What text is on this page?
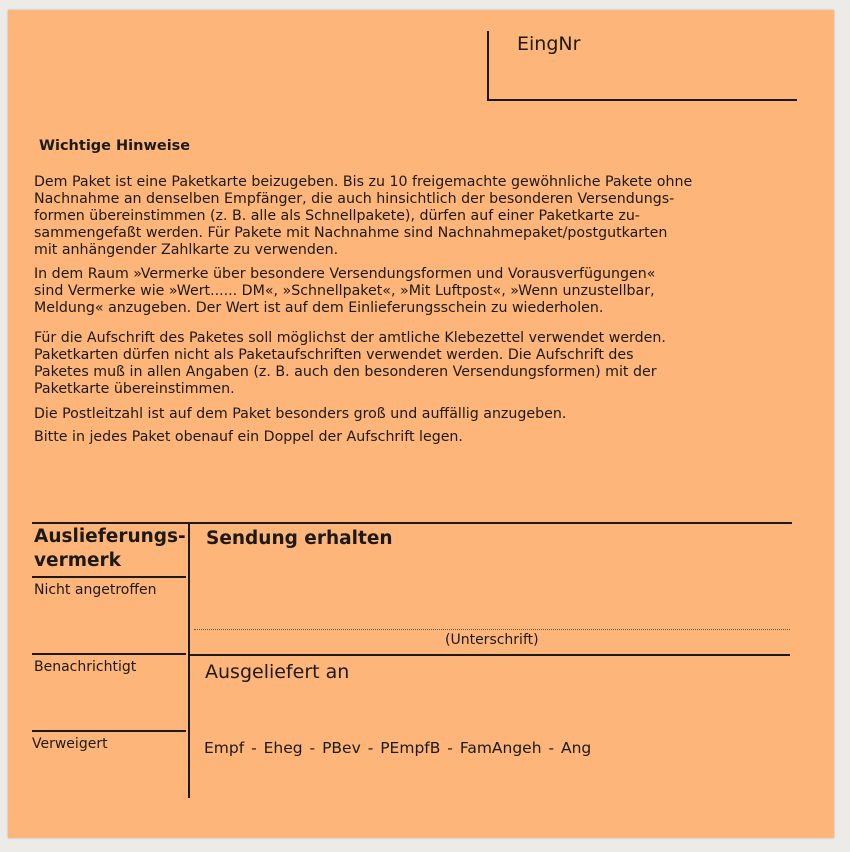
EingNr
Wichtige Hinweise
Dem Paket ist eine Paketkarte beizugeben. Bis zu 10 freigemachte gewöhnliche Pakete ohne
Nachnahme an denselben Empfänger, die auch hinsichtlich der besonderen Versendungs-
formen übereinstimmen (z. B. alle als Schnellpakete), dürfen auf einer Paketkarte zu-
sammengefaßt werden. Für Pakete mit Nachnahme sind Nachnahmepaket/postgutkarten
mit anhängender Zahlkarte zu verwenden.
In dem Raum »Vermerke über besondere Versendungsformen und Vorausverfügungen«
sind Vermerke wie »Wert...... DM«, »Schnellpaket«, »Mit Luftpost«, »Wenn unzustellbar,
Meldung« anzugeben. Der Wert ist auf dem Einlieferungsschein zu wiederholen.
Für die Aufschrift des Paketes soll möglichst der amtliche Klebezettel verwendet werden.
Paketkarten dürfen nicht als Paketaufschriften verwendet werden. Die Aufschrift des
Paketes muß in allen Angaben (z. B. auch den besonderen Versendungsformen) mit der
Paketkarte übereinstimmen.
Die Postleitzahl ist auf dem Paket besonders groß und auffällig anzugeben.
Bitte in jedes Paket obenauf ein Doppel der Aufschrift legen.
Auslieferungs-
vermerk
Nicht angetroffen
Benachrichtigt
Verweigert
Sendung erhalten
(Unterschrift)
Ausgeliefert an
Empf - Eheg - PBev - PEmpfB - FamAngeh - Ang
